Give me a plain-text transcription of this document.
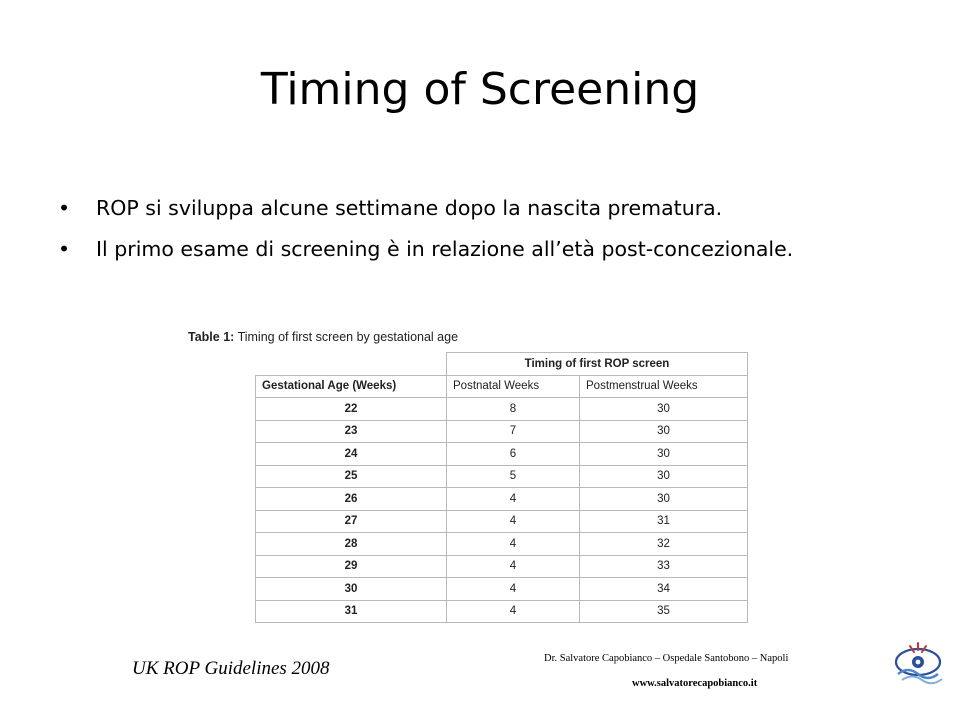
Timing of Screening
• ROP si sviluppa alcune settimane dopo la nascita prematura.
• Il primo esame di screening è in relazione all’età post-concezionale.
Table 1: Timing of first screen by gestational age
	Timing of first ROP screen	
Gestational Age (Weeks)	Postnatal Weeks	Postmenstrual Weeks
22	8	30
23	7	30
24	6	30
25	5	30
26	4	30
27	4	31
28	4	32
29	4	33
30	4	34
31	4	35
UK ROP Guidelines 2008	Dr. Salvatore Capobianco – Ospedale Santobono – Napoli
www.salvatorecapobianco.it
